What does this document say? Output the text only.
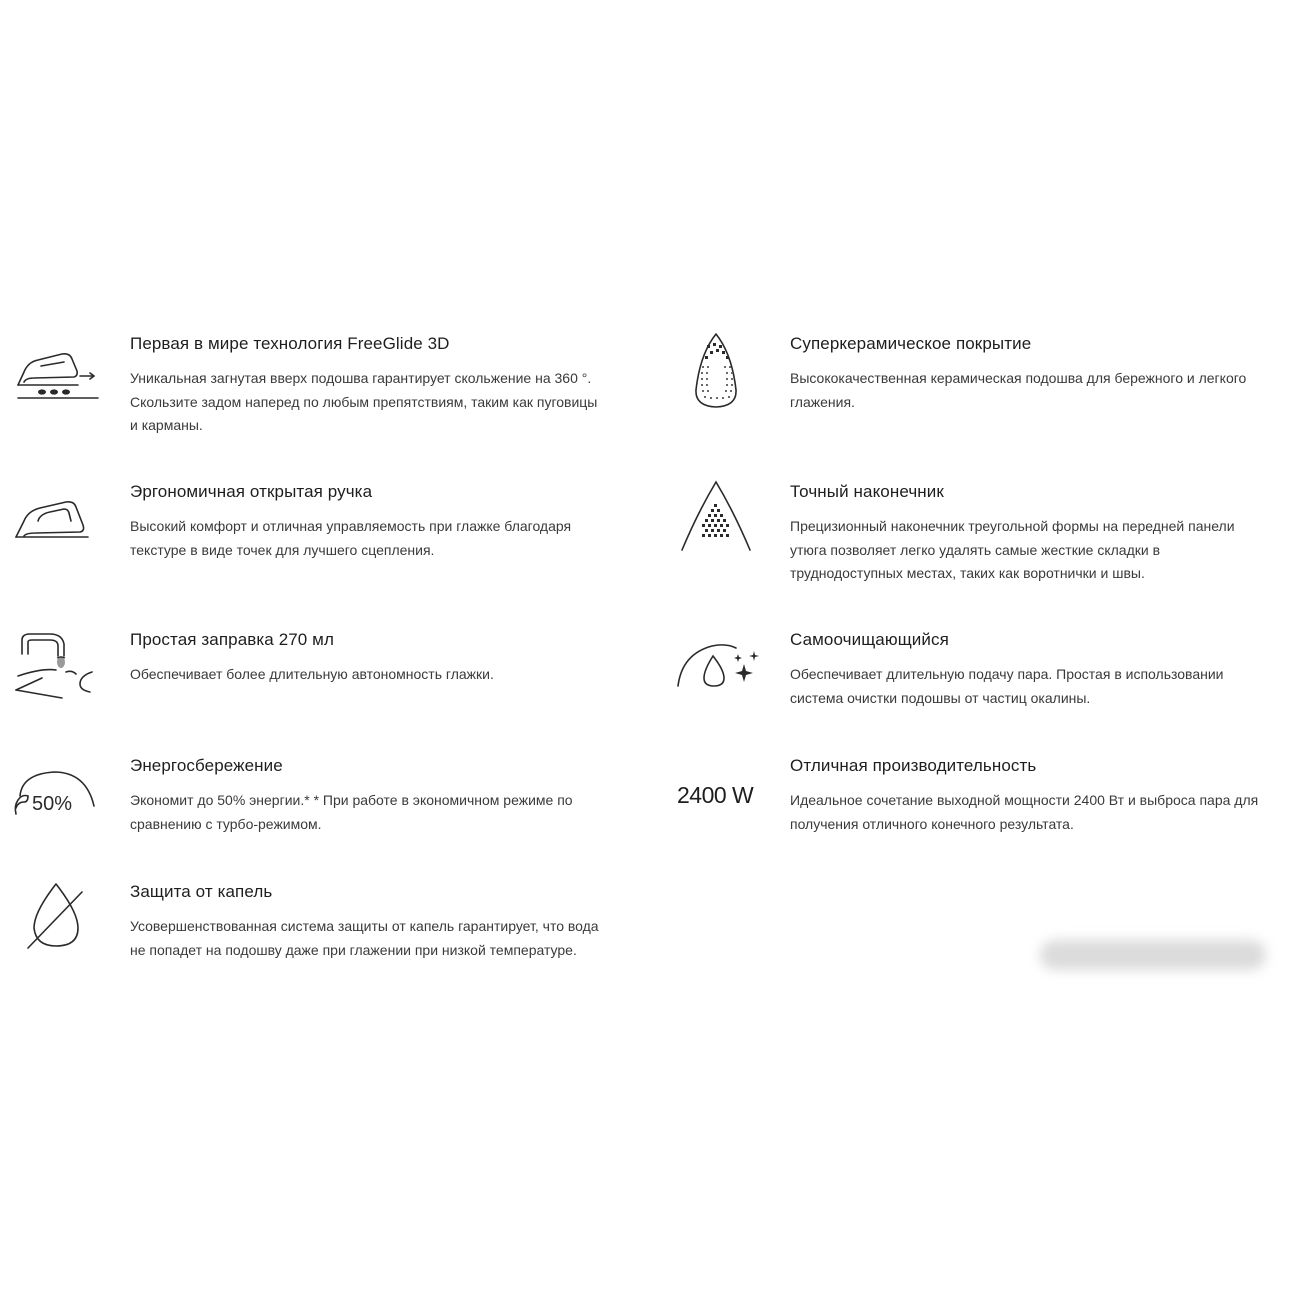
Первая в мире технология FreeGlide 3D
Уникальная загнутая вверх подошва гарантирует скольжение на 360 °. Скользите задом наперед по любым препятствиям, таким как пуговицы и карманы.
Суперкерамическое покрытие
Высококачественная керамическая подошва для бережного и легкого глажения.
Эргономичная открытая ручка
Высокий комфорт и отличная управляемость при глажке благодаря текстуре в виде точек для лучшего сцепления.
Точный наконечник
Прецизионный наконечник треугольной формы на передней панели утюга позволяет легко удалять самые жесткие складки в труднодоступных местах, таких как воротнички и швы.
Простая заправка 270 мл
Обеспечивает более длительную автономность глажки.
Самоочищающийся
Обеспечивает длительную подачу пара. Простая в использовании система очистки подошвы от частиц окалины.
50%
Энергосбережение
Экономит до 50% энергии.* * При работе в экономичном режиме по сравнению с турбо-режимом.
2400 W
Отличная производительность
Идеальное сочетание выходной мощности 2400 Вт и выброса пара для получения отличного конечного результата.
Защита от капель
Усовершенствованная система защиты от капель гарантирует, что вода не попадет на подошву даже при глажении при низкой температуре.
